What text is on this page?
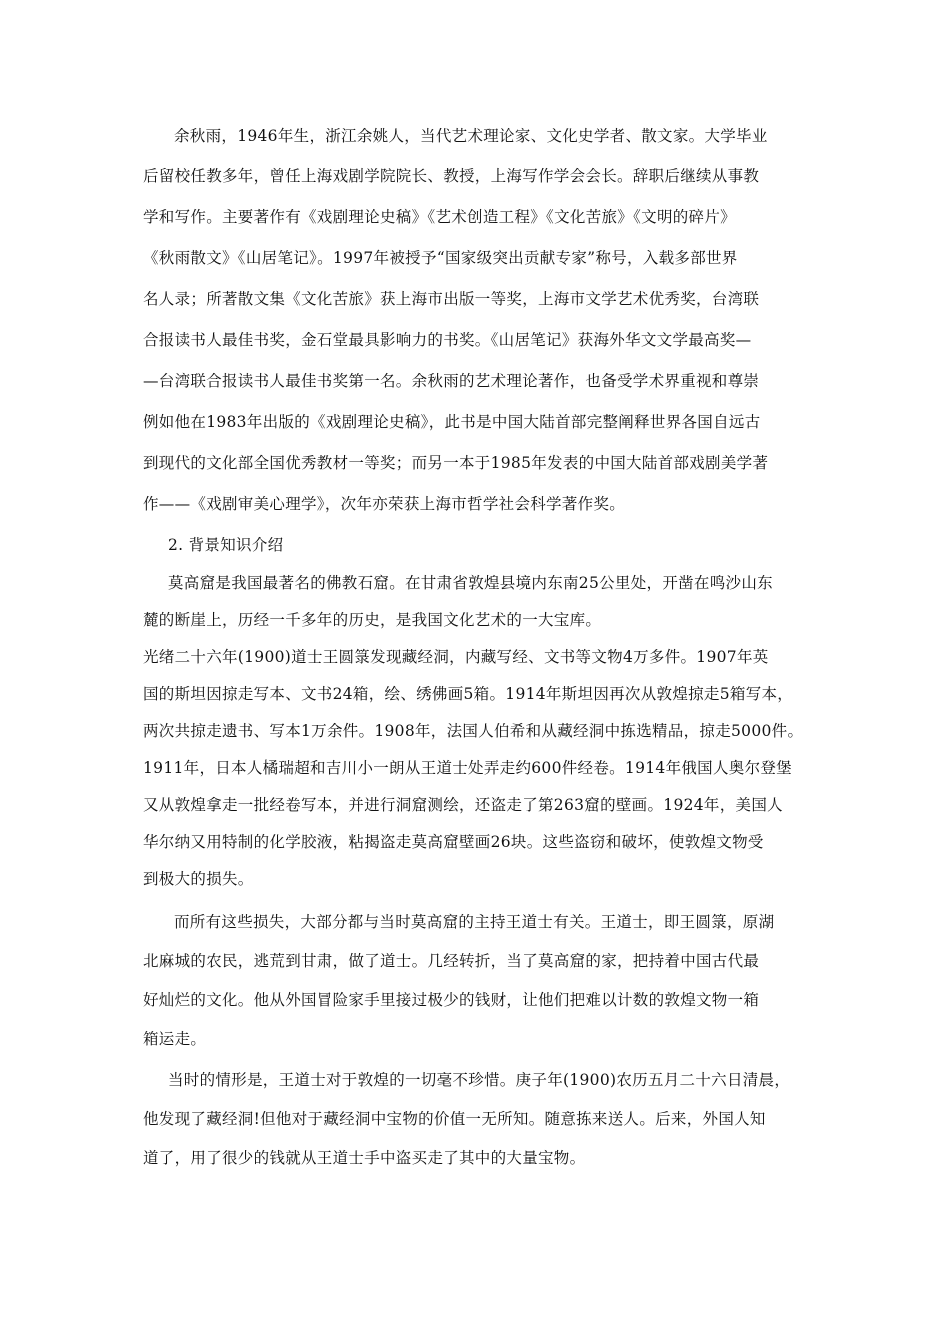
余秋雨，1946年生，浙江余姚人，当代艺术理论家、文化史学者、散文家。大学毕业
后留校任教多年，曾任上海戏剧学院院长、教授，上海写作学会会长。辞职后继续从事教
学和写作。主要著作有《戏剧理论史稿》《艺术创造工程》《文化苦旅》《文明的碎片》
《秋雨散文》《山居笔记》。1997年被授予“国家级突出贡献专家”称号，入载多部世界
名人录；所著散文集《文化苦旅》获上海市出版一等奖，上海市文学艺术优秀奖，台湾联
合报读书人最佳书奖，金石堂最具影响力的书奖。《山居笔记》获海外华文文学最高奖—
—台湾联合报读书人最佳书奖第一名。余秋雨的艺术理论著作，也备受学术界重视和尊崇
例如他在1983年出版的《戏剧理论史稿》，此书是中国大陆首部完整阐释世界各国自远古
到现代的文化部全国优秀教材一等奖；而另一本于1985年发表的中国大陆首部戏剧美学著
作——《戏剧审美心理学》，次年亦荣获上海市哲学社会科学著作奖。
2. 背景知识介绍
莫高窟是我国最著名的佛教石窟。在甘肃省敦煌县境内东南25公里处，开凿在鸣沙山东
麓的断崖上，历经一千多年的历史，是我国文化艺术的一大宝库。
光绪二十六年(1900)道士王圆箓发现藏经洞，内藏写经、文书等文物4万多件。1907年英
国的斯坦因掠走写本、文书24箱，绘、绣佛画5箱。1914年斯坦因再次从敦煌掠走5箱写本，
两次共掠走遗书、写本1万余件。1908年，法国人伯希和从藏经洞中拣选精品，掠走5000件。
1911年，日本人橘瑞超和吉川小一朗从王道士处弄走约600件经卷。1914年俄国人奥尔登堡
又从敦煌拿走一批经卷写本，并进行洞窟测绘，还盗走了第263窟的壁画。1924年，美国人
华尔纳又用特制的化学胶液，粘揭盗走莫高窟壁画26块。这些盗窃和破坏，使敦煌文物受
到极大的损失。
而所有这些损失，大部分都与当时莫高窟的主持王道士有关。王道士，即王圆箓，原湖
北麻城的农民，逃荒到甘肃，做了道士。几经转折，当了莫高窟的家，把持着中国古代最
好灿烂的文化。他从外国冒险家手里接过极少的钱财，让他们把难以计数的敦煌文物一箱
箱运走。
当时的情形是，王道士对于敦煌的一切毫不珍惜。庚子年(1900)农历五月二十六日清晨，
他发现了藏经洞!但他对于藏经洞中宝物的价值一无所知。随意拣来送人。后来，外国人知
道了，用了很少的钱就从王道士手中盗买走了其中的大量宝物。
